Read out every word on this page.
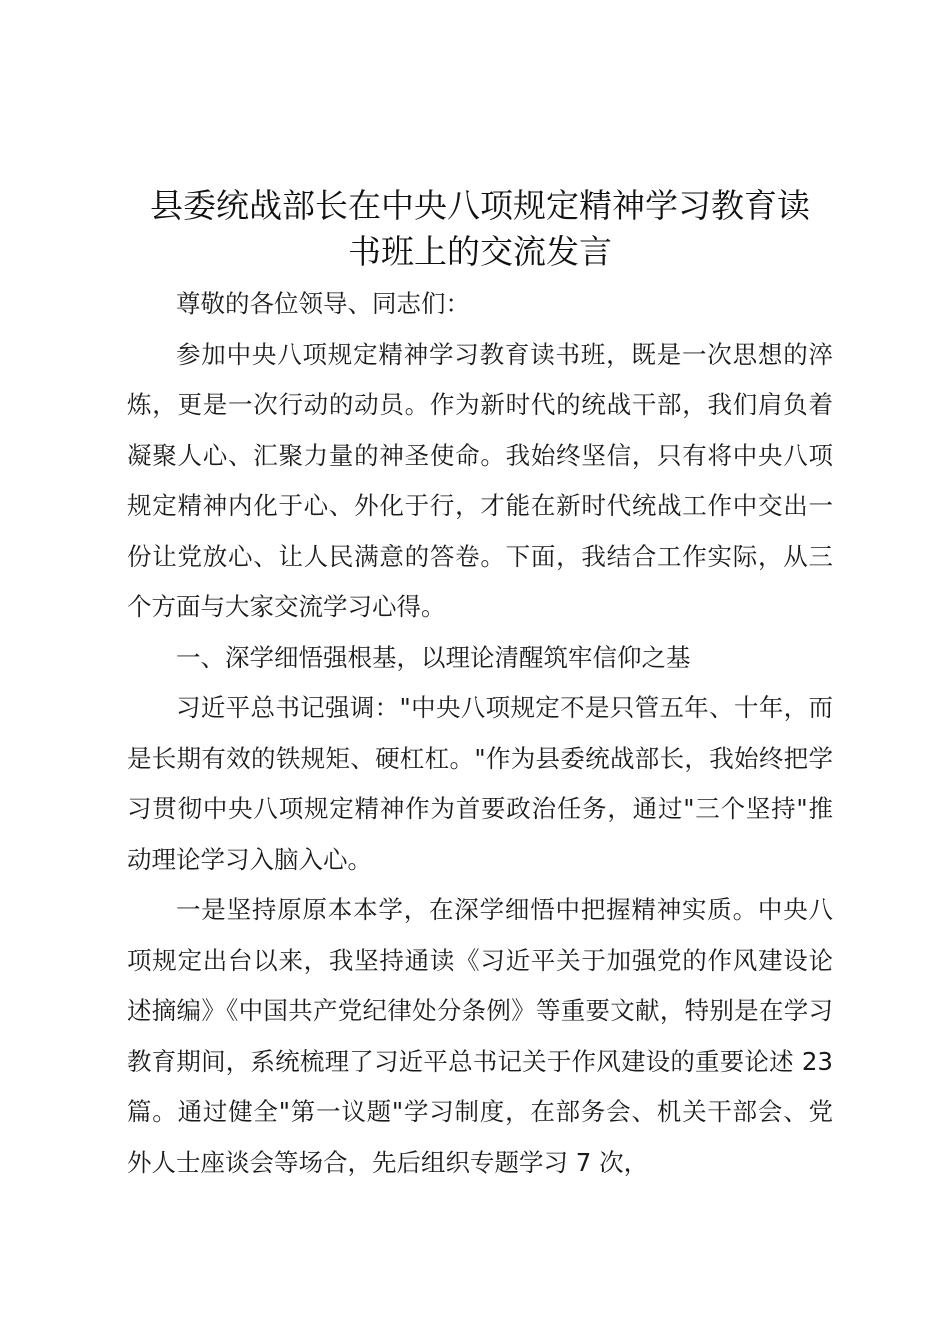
县委统战部长在中央八项规定精神学习教育读
书班上的交流发言

尊敬的各位领导、同志们：

参加中央八项规定精神学习教育读书班，既是一次思想的淬炼，更是一次行动的动员。作为新时代的统战干部，我们肩负着凝聚人心、汇聚力量的神圣使命。我始终坚信，只有将中央八项规定精神内化于心、外化于行，才能在新时代统战工作中交出一份让党放心、让人民满意的答卷。下面，我结合工作实际，从三个方面与大家交流学习心得。

一、深学细悟强根基，以理论清醒筑牢信仰之基

习近平总书记强调："中央八项规定不是只管五年、十年，而是长期有效的铁规矩、硬杠杠。"作为县委统战部长，我始终把学习贯彻中央八项规定精神作为首要政治任务，通过"三个坚持"推动理论学习入脑入心。

一是坚持原原本本学，在深学细悟中把握精神实质。中央八项规定出台以来，我坚持通读《习近平关于加强党的作风建设论述摘编》《中国共产党纪律处分条例》等重要文献，特别是在学习教育期间，系统梳理了习近平总书记关于作风建设的重要论述 23 篇。通过健全"第一议题"学习制度，在部务会、机关干部会、党外人士座谈会等场合，先后组织专题学习 7 次，
